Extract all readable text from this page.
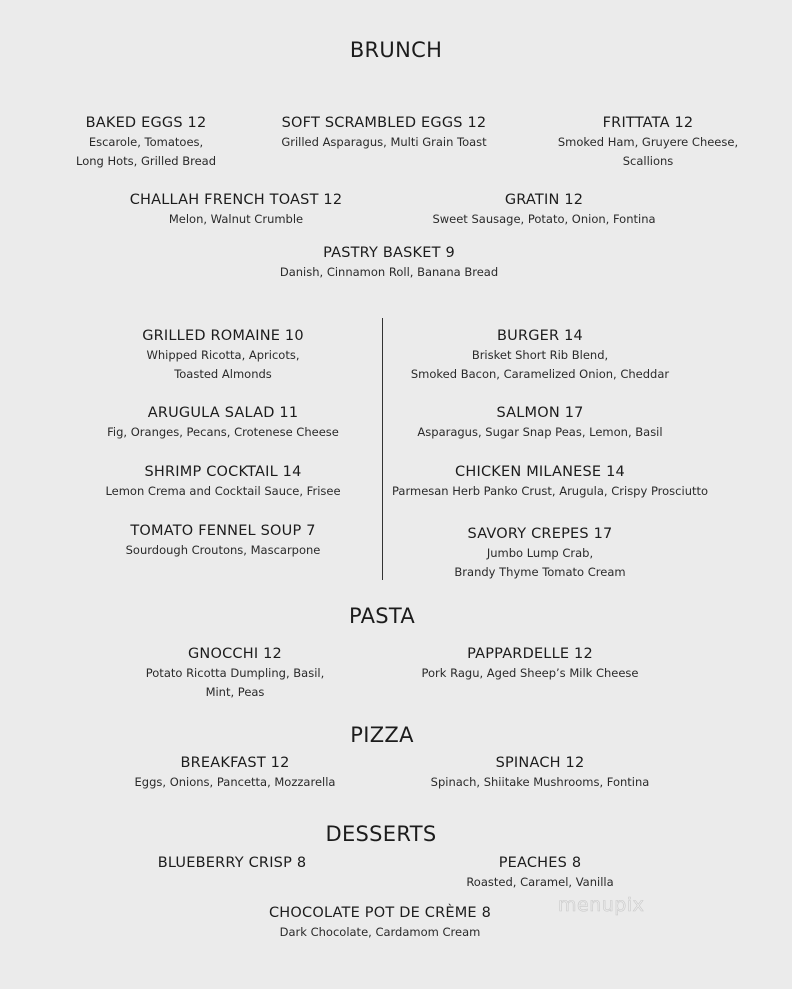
BRUNCH
BAKED EGGS 12
Escarole, Tomatoes,
Long Hots, Grilled Bread
SOFT SCRAMBLED EGGS 12
Grilled Asparagus, Multi Grain Toast
FRITTATA 12
Smoked Ham, Gruyere Cheese,
Scallions
CHALLAH FRENCH TOAST 12
Melon, Walnut Crumble
GRATIN 12
Sweet Sausage, Potato, Onion, Fontina
PASTRY BASKET 9
Danish, Cinnamon Roll, Banana Bread
GRILLED ROMAINE 10
Whipped Ricotta, Apricots,
Toasted Almonds
ARUGULA SALAD 11
Fig, Oranges, Pecans, Crotenese Cheese
SHRIMP COCKTAIL 14
Lemon Crema and Cocktail Sauce, Frisee
TOMATO FENNEL SOUP 7
Sourdough Croutons, Mascarpone
BURGER 14
Brisket Short Rib Blend,
Smoked Bacon, Caramelized Onion, Cheddar
SALMON 17
Asparagus, Sugar Snap Peas, Lemon, Basil
CHICKEN MILANESE 14
Parmesan Herb Panko Crust, Arugula, Crispy Prosciutto
SAVORY CREPES 17
Jumbo Lump Crab,
Brandy Thyme Tomato Cream
PASTA
GNOCCHI 12
Potato Ricotta Dumpling, Basil,
Mint, Peas
PAPPARDELLE 12
Pork Ragu, Aged Sheep’s Milk Cheese
PIZZA
BREAKFAST 12
Eggs, Onions, Pancetta, Mozzarella
SPINACH 12
Spinach, Shiitake Mushrooms, Fontina
DESSERTS
BLUEBERRY CRISP 8	PEACHES 8
Roasted, Caramel, Vanilla
CHOCOLATE POT DE CRÈME 8
Dark Chocolate, Cardamom Cream
menupix
